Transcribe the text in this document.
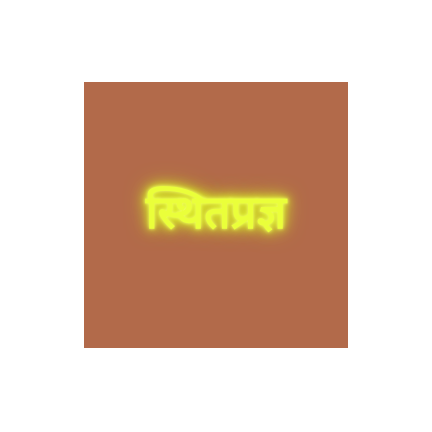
स्थितप्रज्ञ
